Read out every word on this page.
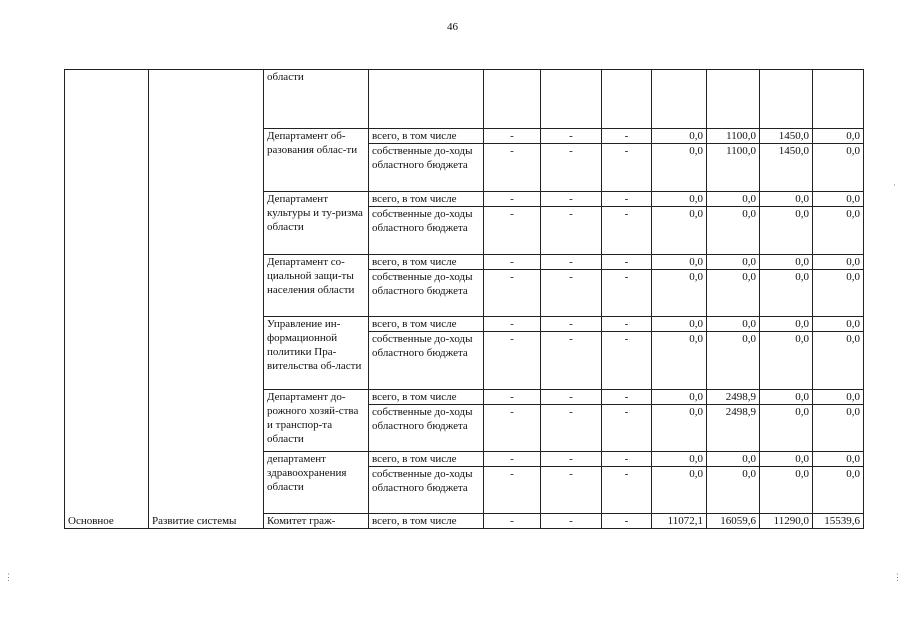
46
		области								
		Департамент об-разования облас-ти	всего, в том числе	-	-	-	0,0	1100,0	1450,0	0,0
			собственные до-ходы областного бюджета	-	-	-	0,0	1100,0	1450,0	0,0
		Департамент культуры и ту-ризма области	всего, в том числе	-	-	-	0,0	0,0	0,0	0,0
			собственные до-ходы областного бюджета	-	-	-	0,0	0,0	0,0	0,0
		Департамент со-циальной защи-ты населения области	всего, в том числе	-	-	-	0,0	0,0	0,0	0,0
			собственные до-ходы областного бюджета	-	-	-	0,0	0,0	0,0	0,0
		Управление ин-формационной политики Пра-вительства об-ласти	всего, в том числе	-	-	-	0,0	0,0	0,0	0,0
			собственные до-ходы областного бюджета	-	-	-	0,0	0,0	0,0	0,0
		Департамент до-рожного хозяй-ства и транспор-та области	всего, в том числе	-	-	-	0,0	2498,9	0,0	0,0
			собственные до-ходы областного бюджета	-	-	-	0,0	2498,9	0,0	0,0
		департамент здравоохранения области	всего, в том числе	-	-	-	0,0	0,0	0,0	0,0
			собственные до-ходы областного бюджета	-	-	-	0,0	0,0	0,0	0,0
Основное	Развитие системы	Комитет граж-	всего, в том числе	-	-	-	11072,1	16059,6	11290,0	15539,6
⋮	⋮
·
